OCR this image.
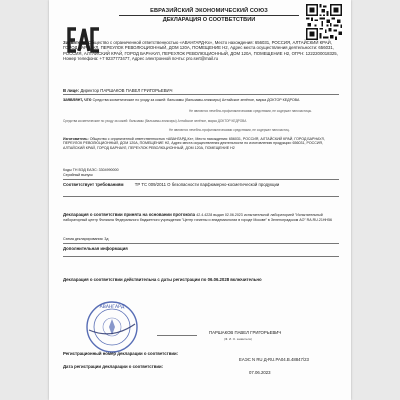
ЕВРАЗИЙСКИЙ ЭКОНОМИЧЕСКИЙ СОЮЗ
ДЕКЛАРАЦИЯ О СООТВЕТСТВИИ
Заявитель: Общество с ограниченной ответственностью «АВАНГАРД-Кх», Место нахождения: 656031, РОССИЯ, АЛТАЙСКИЙ КРАЙ, ГОРОД БАРНАУЛ, ПЕРЕУЛОК РЕВОЛЮЦИОННЫЙ, ДОМ 120А, ПОМЕЩЕНИЕ Н2, Адрес места осуществления деятельности: 656031, РОССИЯ, АЛТАЙСКИЙ КРАЙ, ГОРОД БАРНАУЛ, ПЕРЕУЛОК РЕВОЛЮЦИОННЫЙ, ДОМ 120А, ПОМЕЩЕНИЕ Н2, ОГРН: 1222200018325, Номер телефона: +7 9237773477, Адрес электронной почты: pro.sert@mail.ru
В лице: Директор ПАРШАКОВ ПАВЕЛ ГРИГОРЬЕВИЧ
заявляет, что Средства косметические по уходу за кожей: бальзамы (бальзамы-эликсиры) Алтайское зелёное, марка ДОКТОР КЕДРОВА
Не являются лечебно-профилактическими средствами, не содержат наночастицы.
Средства косметические по уходу за кожей: бальзамы (бальзамы-эликсиры) Алтайское зелёное, марка ДОКТОР КЕДРОВА
Не являются лечебно-профилактическими средствами, не содержат наночастиц.
Изготовитель: Общество с ограниченной ответственностью «АВАНГАРД-Кх», Место нахождения: 656031, РОССИЯ, АЛТАЙСКИЙ КРАЙ, ГОРОД БАРНАУЛ, ПЕРЕУЛОК РЕВОЛЮЦИОННЫЙ, ДОМ 120А, ПОМЕЩЕНИЕ Н2, Адрес места осуществления деятельности по изготовлению продукции: 656031, РОССИЯ, АЛТАЙСКИЙ КРАЙ, ГОРОД БАРНАУЛ, ПЕРЕУЛОК РЕВОЛЮЦИОННЫЙ, ДОМ 120А, ПОМЕЩЕНИЕ Н2
Коды ТН ВЭД ЕАЭС: 3304990000
Серийный выпуск
Соответствует требованиям	ТР ТС 009/2011 О безопасности парфюмерно-косметической продукции
Декларация о соответствии принята на основании протокола 42.4.4228 выдан 02.06.2023 испытательной лабораторией "Испытательный лабораторный центр Филиала Федерального бюджетного учреждения "Центр гигиены и эпидемиологии в городе Москве" в Зеленоградском АО" RA.RU.21HH56
Схема декларирования: 3д
Дополнительная информация
Декларация о соответствии действительна с даты регистрации по 06.06.2028 включительно
АВАНГАРД
ПАРШАКОВ ПАВЕЛ ГРИГОРЬЕВИЧ
(Ф. И. О. заявителя)
Регистрационный номер декларации о соответствии:
ЕАЭС N RU Д-RU.РА04.В.48847/23
Дата регистрации декларации о соответствии:
07.06.2023
